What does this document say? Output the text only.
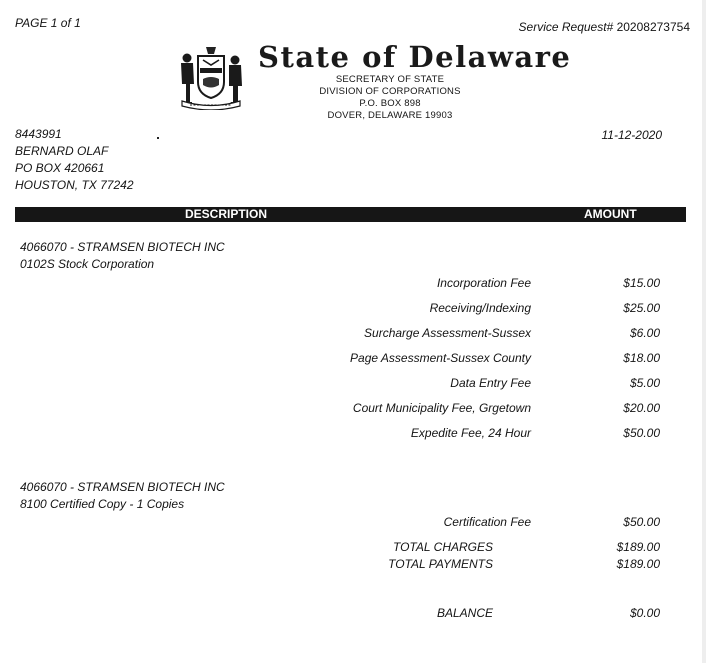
PAGE 1 of 1	Service Request# 20208273754
State of Delaware
SECRETARY OF STATE
DIVISION OF CORPORATIONS
P.O. BOX 898
DOVER, DELAWARE 19903
8443991
BERNARD OLAF
PO BOX 420661
HOUSTON, TX 77242
11-12-2020
DESCRIPTION	AMOUNT
4066070 - STRAMSEN BIOTECH INC
0102S Stock Corporation
Incorporation Fee	$15.00
Receiving/Indexing	$25.00
Surcharge Assessment-Sussex	$6.00
Page Assessment-Sussex County	$18.00
Data Entry Fee	$5.00
Court Municipality Fee, Grgetown	$20.00
Expedite Fee, 24 Hour	$50.00
4066070 - STRAMSEN BIOTECH INC
8100 Certified Copy - 1 Copies
Certification Fee	$50.00
TOTAL CHARGES	$189.00
TOTAL PAYMENTS	$189.00
BALANCE	$0.00
